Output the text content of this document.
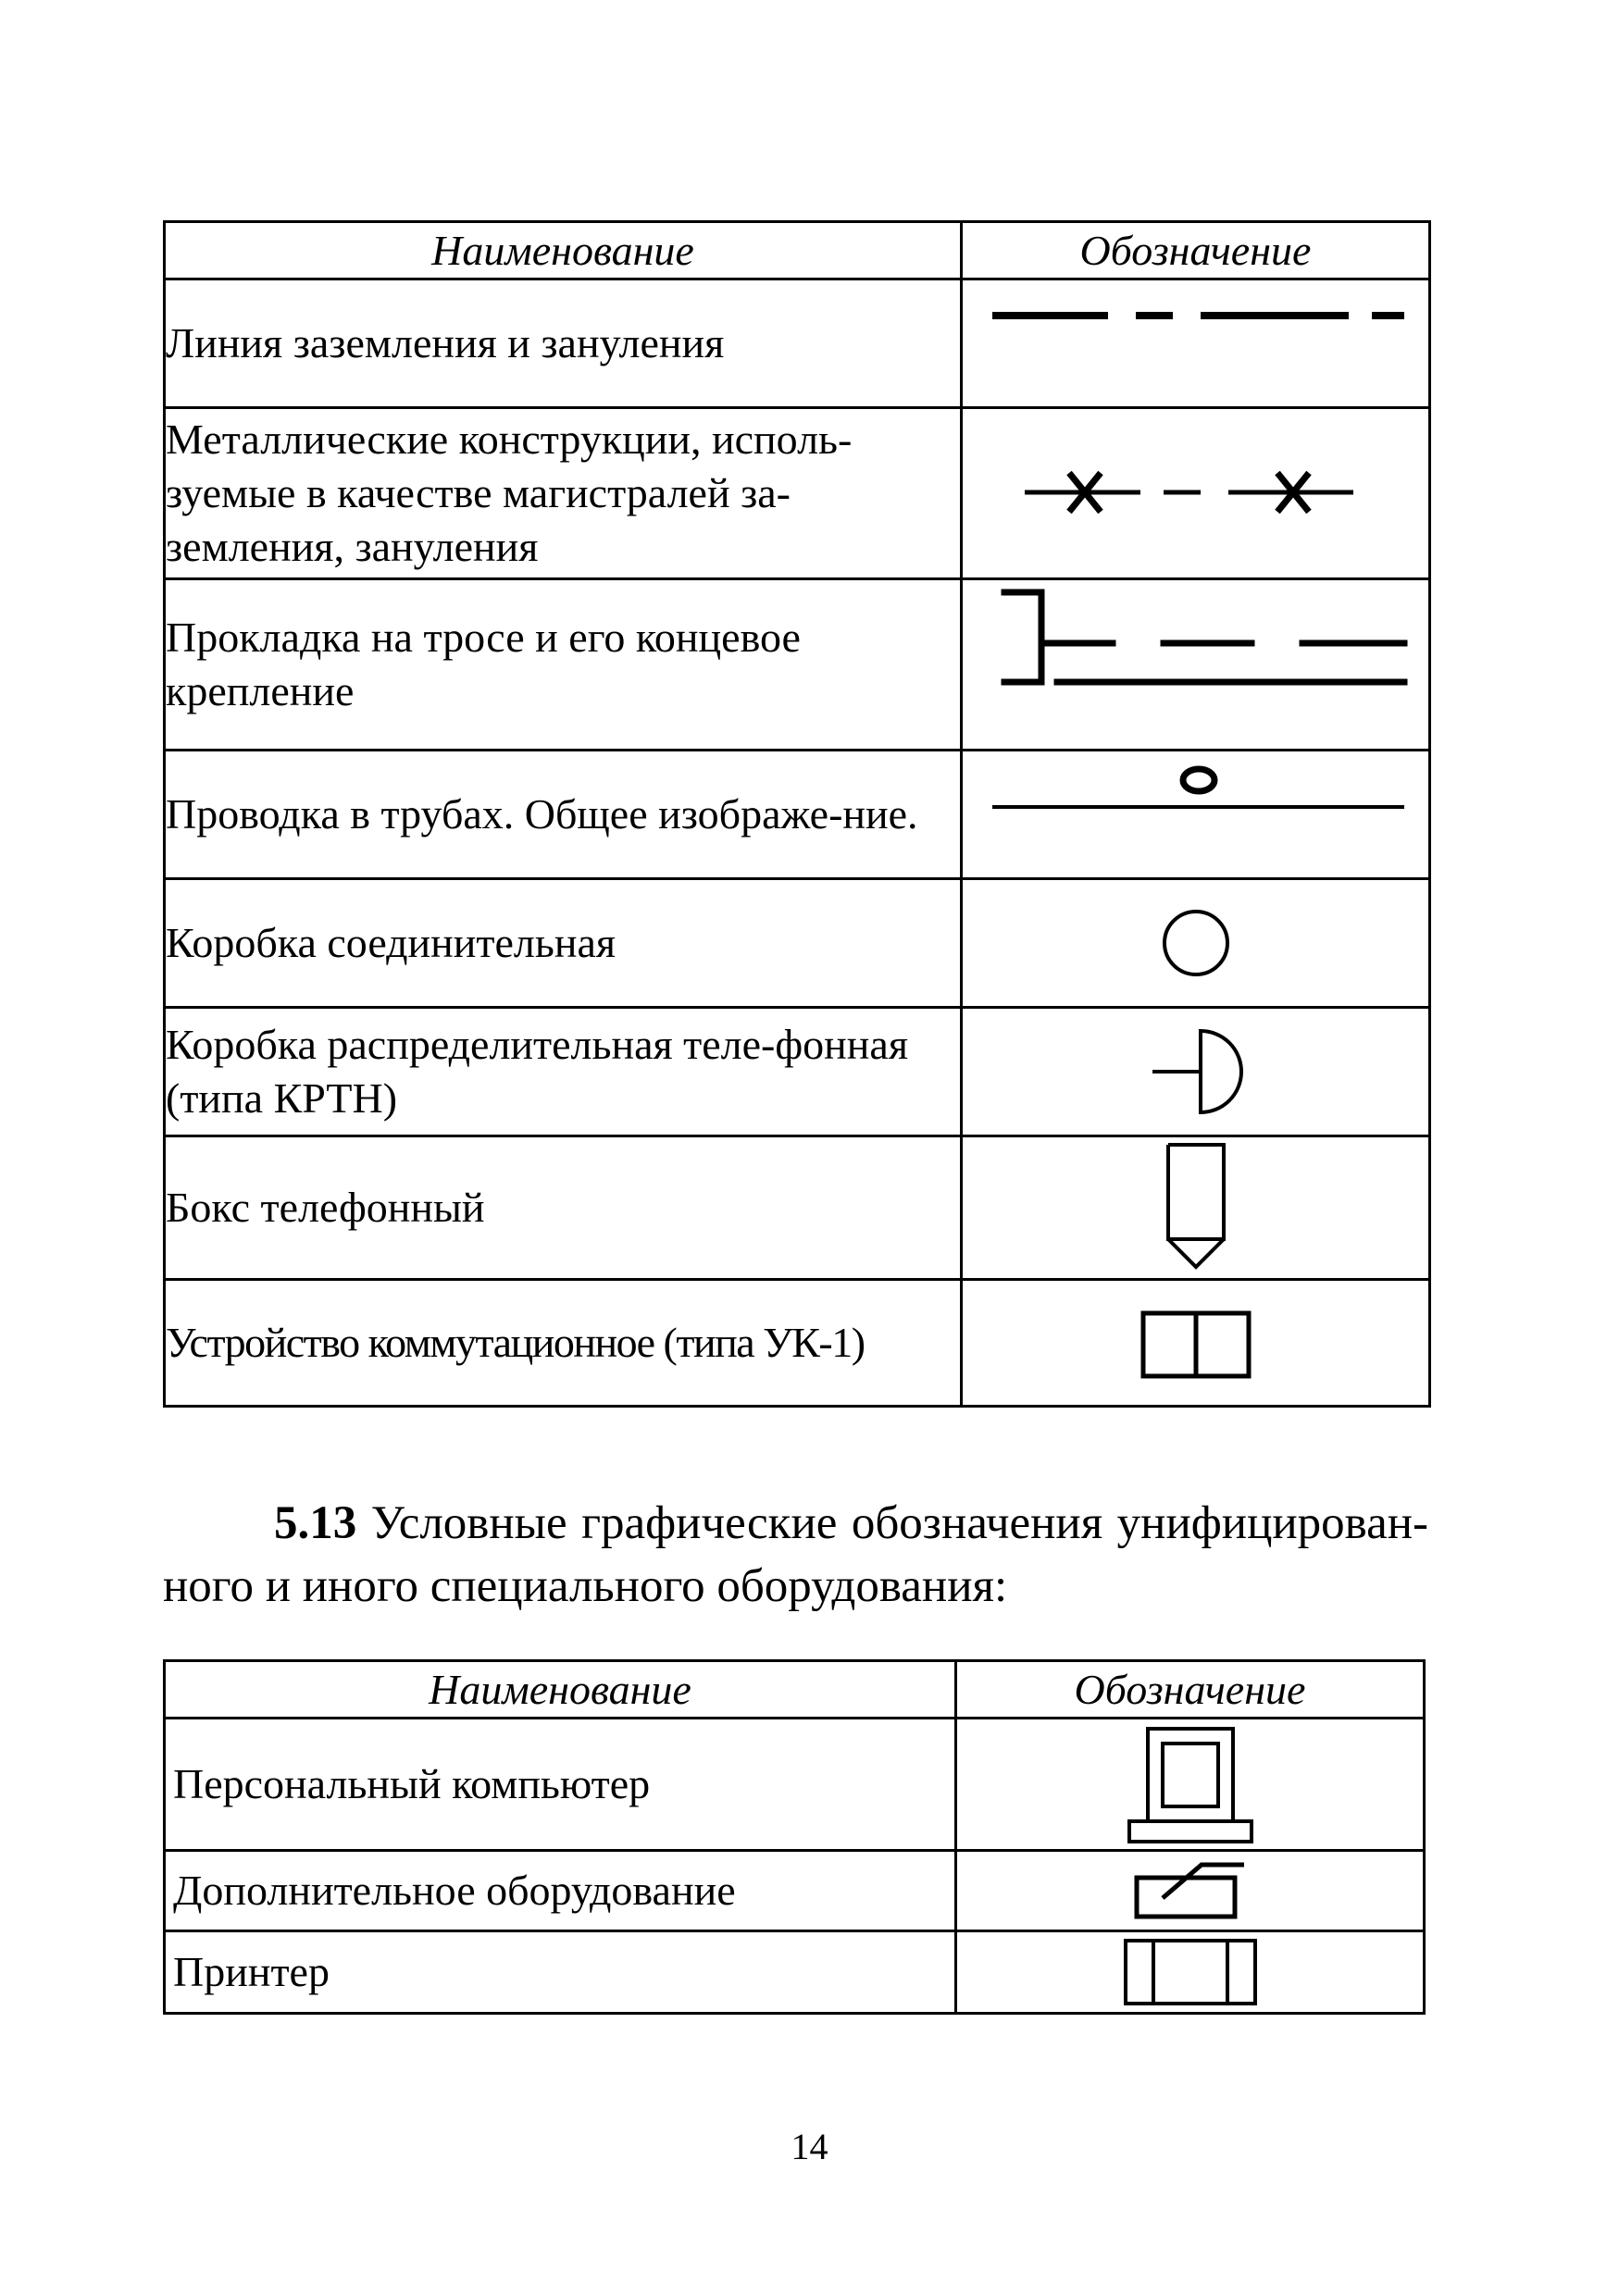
Наименование	Обозначение
Линия заземления и зануления	

Металлические конструкции, исполь-зуемые в качестве магистралей за-земления, зануления	

Прокладка на тросе и его концевое крепление	

Проводка в трубах. Общее изображе-ние.	

Коробка соединительная	

Коробка распределительная теле-фонная (типа КРТН)	

Бокс телефонный	

Устройство коммутационное (типа УК-1)	
5.13 Условные графические обозначения унифицирован-ного и иного специального оборудования:
Наименование	Обозначение
Персональный компьютер	

Дополнительное оборудование	

Принтер	
14
